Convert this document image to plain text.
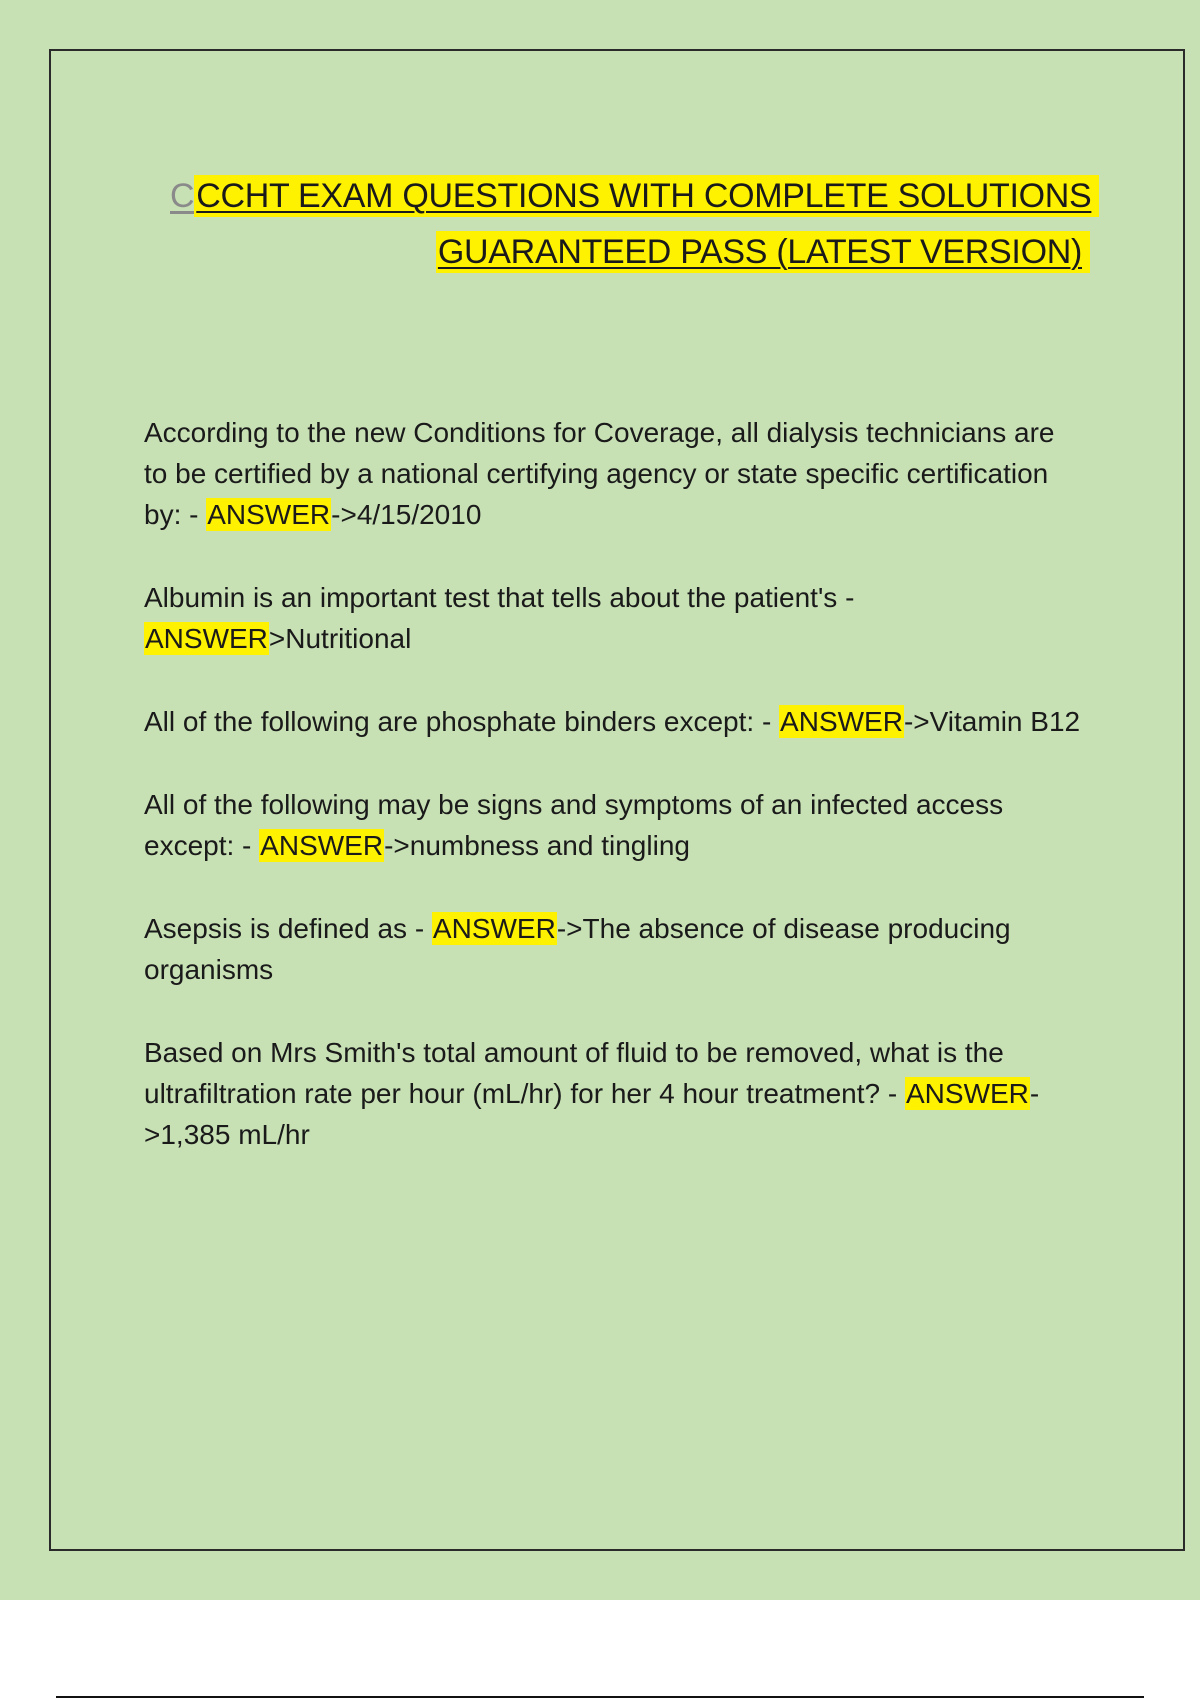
CCCHT EXAM QUESTIONS WITH COMPLETE SOLUTIONS
GUARANTEED PASS (LATEST VERSION)

According to the new Conditions for Coverage, all dialysis technicians are to be certified by a national certifying agency or state specific certification by: - ANSWER->4/15/2010

Albumin is an important test that tells about the patient's - ANSWER>Nutritional

All of the following are phosphate binders except: - ANSWER->Vitamin B12

All of the following may be signs and symptoms of an infected access except: - ANSWER->numbness and tingling

Asepsis is defined as - ANSWER->The absence of disease producing organisms

Based on Mrs Smith's total amount of fluid to be removed, what is the ultrafiltration rate per hour (mL/hr) for her 4 hour treatment? - ANSWER->1,385 mL/hr
